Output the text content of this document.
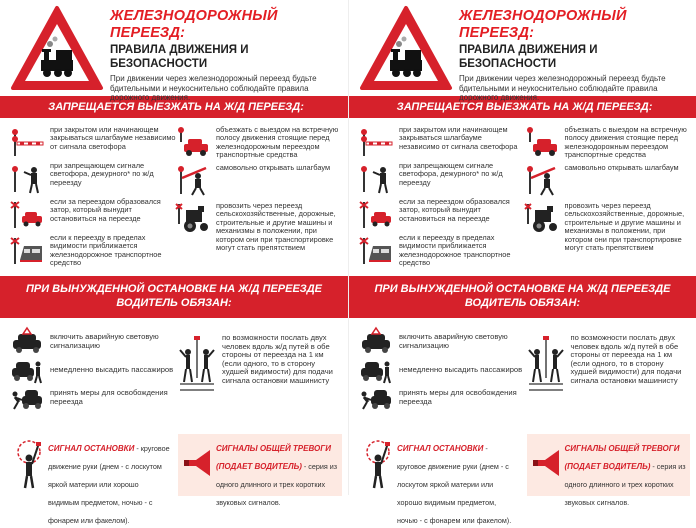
ЖЕЛЕЗНОДОРОЖНЫЙ ПЕРЕЕЗД:
ПРАВИЛА ДВИЖЕНИЯ И БЕЗОПАСНОСТИ
При движении через железнодорожный переезд будьте бдительными и неукоснительно соблюдайте правила
ЗАПРЕЩАЕТСЯ ВЫЕЗЖАТЬ НА Ж/Д ПЕРЕЕЗД:
при закрытом или начинающем закрываться шлагбауме независимо от сигнала светофора
при запрещающем сигнале светофора, дежурного* по ж/д переезду
если за переездом образовался затор, который вынудит остановиться на переезде
если к переезду в пределах видимости приближается железнодорожное транспортное средство
объезжать с выездом на встречную полосу движения стоящие перед железнодорожным переездом транспортные средства
самовольно открывать шлагбаум
провозить через переезд сельскохозяйственные, дорожные, строительные и другие машины и механизмы в положении, при котором они при транспортировке могут стать препятствием
ПРИ ВЫНУЖДЕННОЙ ОСТАНОВКЕ НА Ж/Д ПЕРЕЕЗДЕ
ВОДИТЕЛЬ ОБЯЗАН:
включить аварийную световую сигнализацию
немедленно высадить пассажиров
принять меры для освобождения переезда
по возможности послать двух человек вдоль ж/д путей в обе стороны от переезда на 1 км (если одного, то в сторону худшей видимости) для подачи сигнала остановки машинисту
СИГНАЛ ОСТАНОВКИ - круговое движение руки (днем - с лоскутом яркой материи или хорошо видимым предметом, ночью - с фонарем или факелом).
СИГНАЛЫ ОБЩЕЙ ТРЕВОГИ (ПОДАЕТ ВОДИТЕЛЬ) - серия из одного длинного и трех коротких звуковых сигналов.
ЖЕЛЕЗНОДОРОЖНЫЙ ПЕРЕЕЗД:
ПРАВИЛА ДВИЖЕНИЯ И БЕЗОПАСНОСТИ
При движении через железнодорожный переезд будьте бдительными и неукоснительно соблюдайте правила
ЗАПРЕЩАЕТСЯ ВЫЕЗЖАТЬ НА Ж/Д ПЕРЕЕЗД:
при закрытом или начинающем закрываться шлагбауме независимо от сигнала светофора
при запрещающем сигнале светофора, дежурного* по ж/д переезду
если за переездом образовался затор, который вынудит остановиться на переезде
если к переезду в пределах видимости приближается железнодорожное транспортное средство
объезжать с выездом на встречную полосу движения стоящие перед железнодорожным переездом транспортные средства
самовольно открывать шлагбаум
провозить через переезд сельскохозяйственные, дорожные, строительные и другие машины и механизмы в положении, при котором они при транспортировке могут стать препятствием
ПРИ ВЫНУЖДЕННОЙ ОСТАНОВКЕ НА Ж/Д ПЕРЕЕЗДЕ
ВОДИТЕЛЬ ОБЯЗАН:
включить аварийную световую сигнализацию
немедленно высадить пассажиров
принять меры для освобождения переезда
по возможности послать двух человек вдоль ж/д путей в обе стороны от переезда на 1 км (если одного, то в сторону худшей видимости) для подачи сигнала остановки машинисту
СИГНАЛ ОСТАНОВКИ - круговое движение руки (днем - с лоскутом яркой материи или хорошо видимым предметом, ночью - с фонарем или факелом).
СИГНАЛЫ ОБЩЕЙ ТРЕВОГИ (ПОДАЕТ ВОДИТЕЛЬ) - серия из одного длинного и трех коротких звуковых сигналов.
